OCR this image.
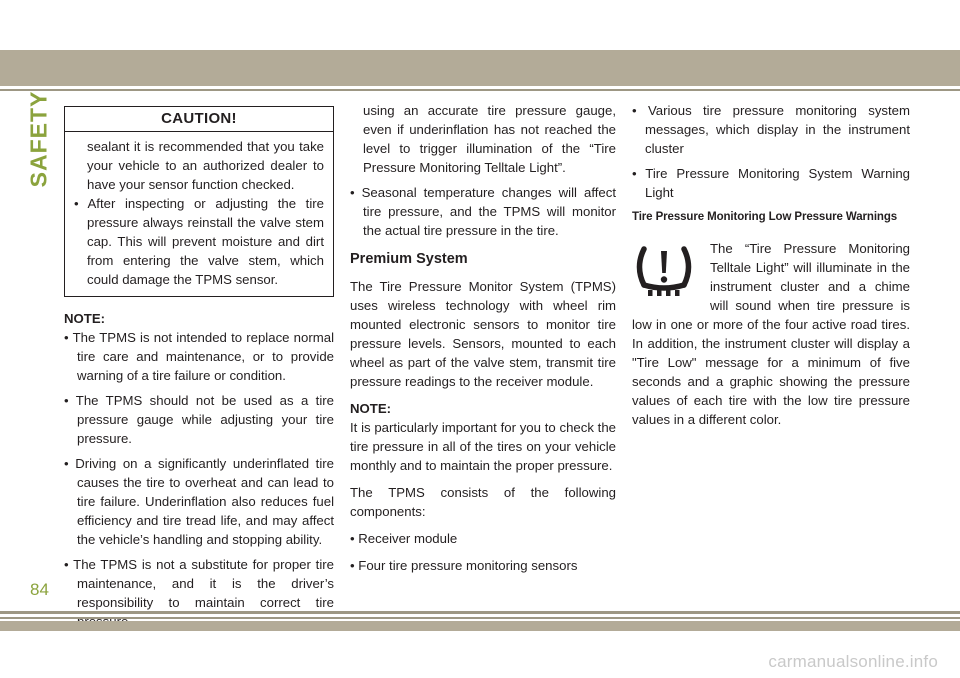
SAFETY	CAUTION!

sealant it is recommended that you take your vehicle to an authorized dealer to have your sensor function checked.

• After inspecting or adjusting the tire pressure always reinstall the valve stem cap. This will prevent moisture and dirt from entering the valve stem, which could damage the TPMS sensor.

NOTE:

• The TPMS is not intended to replace normal tire care and maintenance, or to provide warning of a tire failure or condition.

• The TPMS should not be used as a tire pressure gauge while adjusting your tire pressure.

• Driving on a significantly underinflated tire causes the tire to overheat and can lead to tire failure. Underinflation also reduces fuel efficiency and tire tread life, and may affect the vehicle’s handling and stopping ability.

• The TPMS is not a substitute for proper tire maintenance, and it is the driver’s responsibility to maintain correct tire

using an accurate tire pressure gauge, even if underinflation has not reached the level to trigger illumination of the “Tire Pressure Monitoring Telltale Light”.

• Seasonal temperature changes will affect tire pressure, and the TPMS will monitor the actual tire pressure in the tire.

Premium System

The Tire Pressure Monitor System (TPMS) uses wireless technology with wheel rim mounted electronic sensors to monitor tire pressure levels. Sensors, mounted to each wheel as part of the valve stem, transmit tire pressure readings to the receiver module.

NOTE:

It is particularly important for you to check the tire pressure in all of the tires on your vehicle monthly and to maintain the proper pressure.

The TPMS consists of the following components:

• Receiver module

• Four tire pressure monitoring sensors

• Various tire pressure monitoring system messages, which display in the instrument cluster

• Tire Pressure Monitoring System Warning Light

Tire Pressure Monitoring Low Pressure Warnings

The “Tire Pressure Monitoring Telltale Light” will illuminate in the instrument cluster and a chime will sound when tire pressure is low in one or more of the four active road tires. In addition, the instrument cluster will display a "Tire Low" message for a minimum of five seconds and a graphic showing the pressure values of each tire with the low tire pressure values in a different color.

84
carmanualsonline.info
